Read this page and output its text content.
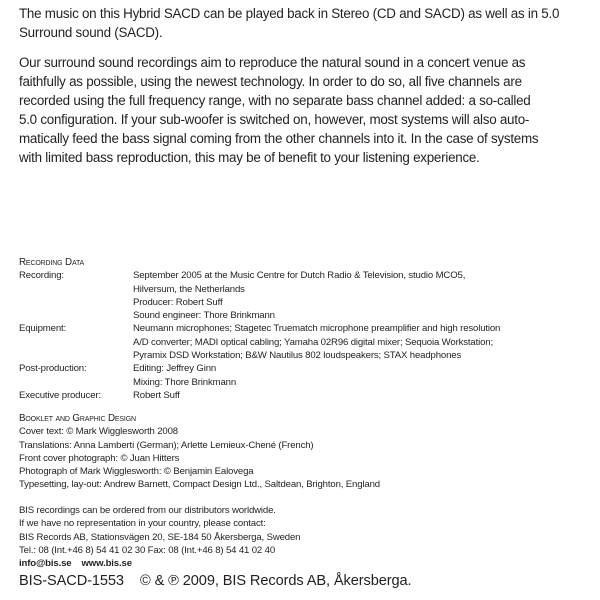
The music on this Hybrid SACD can be played back in Stereo (CD and SACD) as well as in 5.0
Surround sound (SACD).
Our surround sound recordings aim to reproduce the natural sound in a concert venue as
faithfully as possible, using the newest technology. In order to do so, all five channels are
recorded using the full frequency range, with no separate bass channel added: a so-called
5.0 configuration. If your sub-woofer is switched on, however, most systems will also auto-
matically feed the bass signal coming from the other channels into it. In the case of systems
with limited bass reproduction, this may be of benefit to your listening experience.
Recording Data
Recording:	September 2005 at the Music Centre for Dutch Radio & Television, studio MCO5,
Hilversum, the Netherlands
Producer: Robert Suff
Sound engineer: Thore Brinkmann
Equipment:	Neumann microphones; Stagetec Truematch microphone preamplifier and high resolution
A/D converter; MADI optical cabling; Yamaha 02R96 digital mixer; Sequoia Workstation;
Pyramix DSD Workstation; B&W Nautilus 802 loudspeakers; STAX headphones
Post-production:	Editing: Jeffrey Ginn
Mixing: Thore Brinkmann
Executive producer:	Robert Suff
Booklet and Graphic Design
Cover text: © Mark Wigglesworth 2008
Translations: Anna Lamberti (German); Arlette Lemieux-Chené (French)
Front cover photograph: © Juan Hitters
Photograph of Mark Wigglesworth: © Benjamin Ealovega
Typesetting, lay-out: Andrew Barnett, Compact Design Ltd., Saltdean, Brighton, England
BIS recordings can be ordered from our distributors worldwide.
If we have no representation in your country, please contact:
BIS Records AB, Stationsvägen 20, SE-184 50 Åkersberga, Sweden
Tel.: 08 (Int.+46 8) 54 41 02 30 Fax: 08 (Int.+46 8) 54 41 02 40
info@bis.se www.bis.se
BIS-SACD-1553 © & ℗ 2009, BIS Records AB, Åkersberga.
